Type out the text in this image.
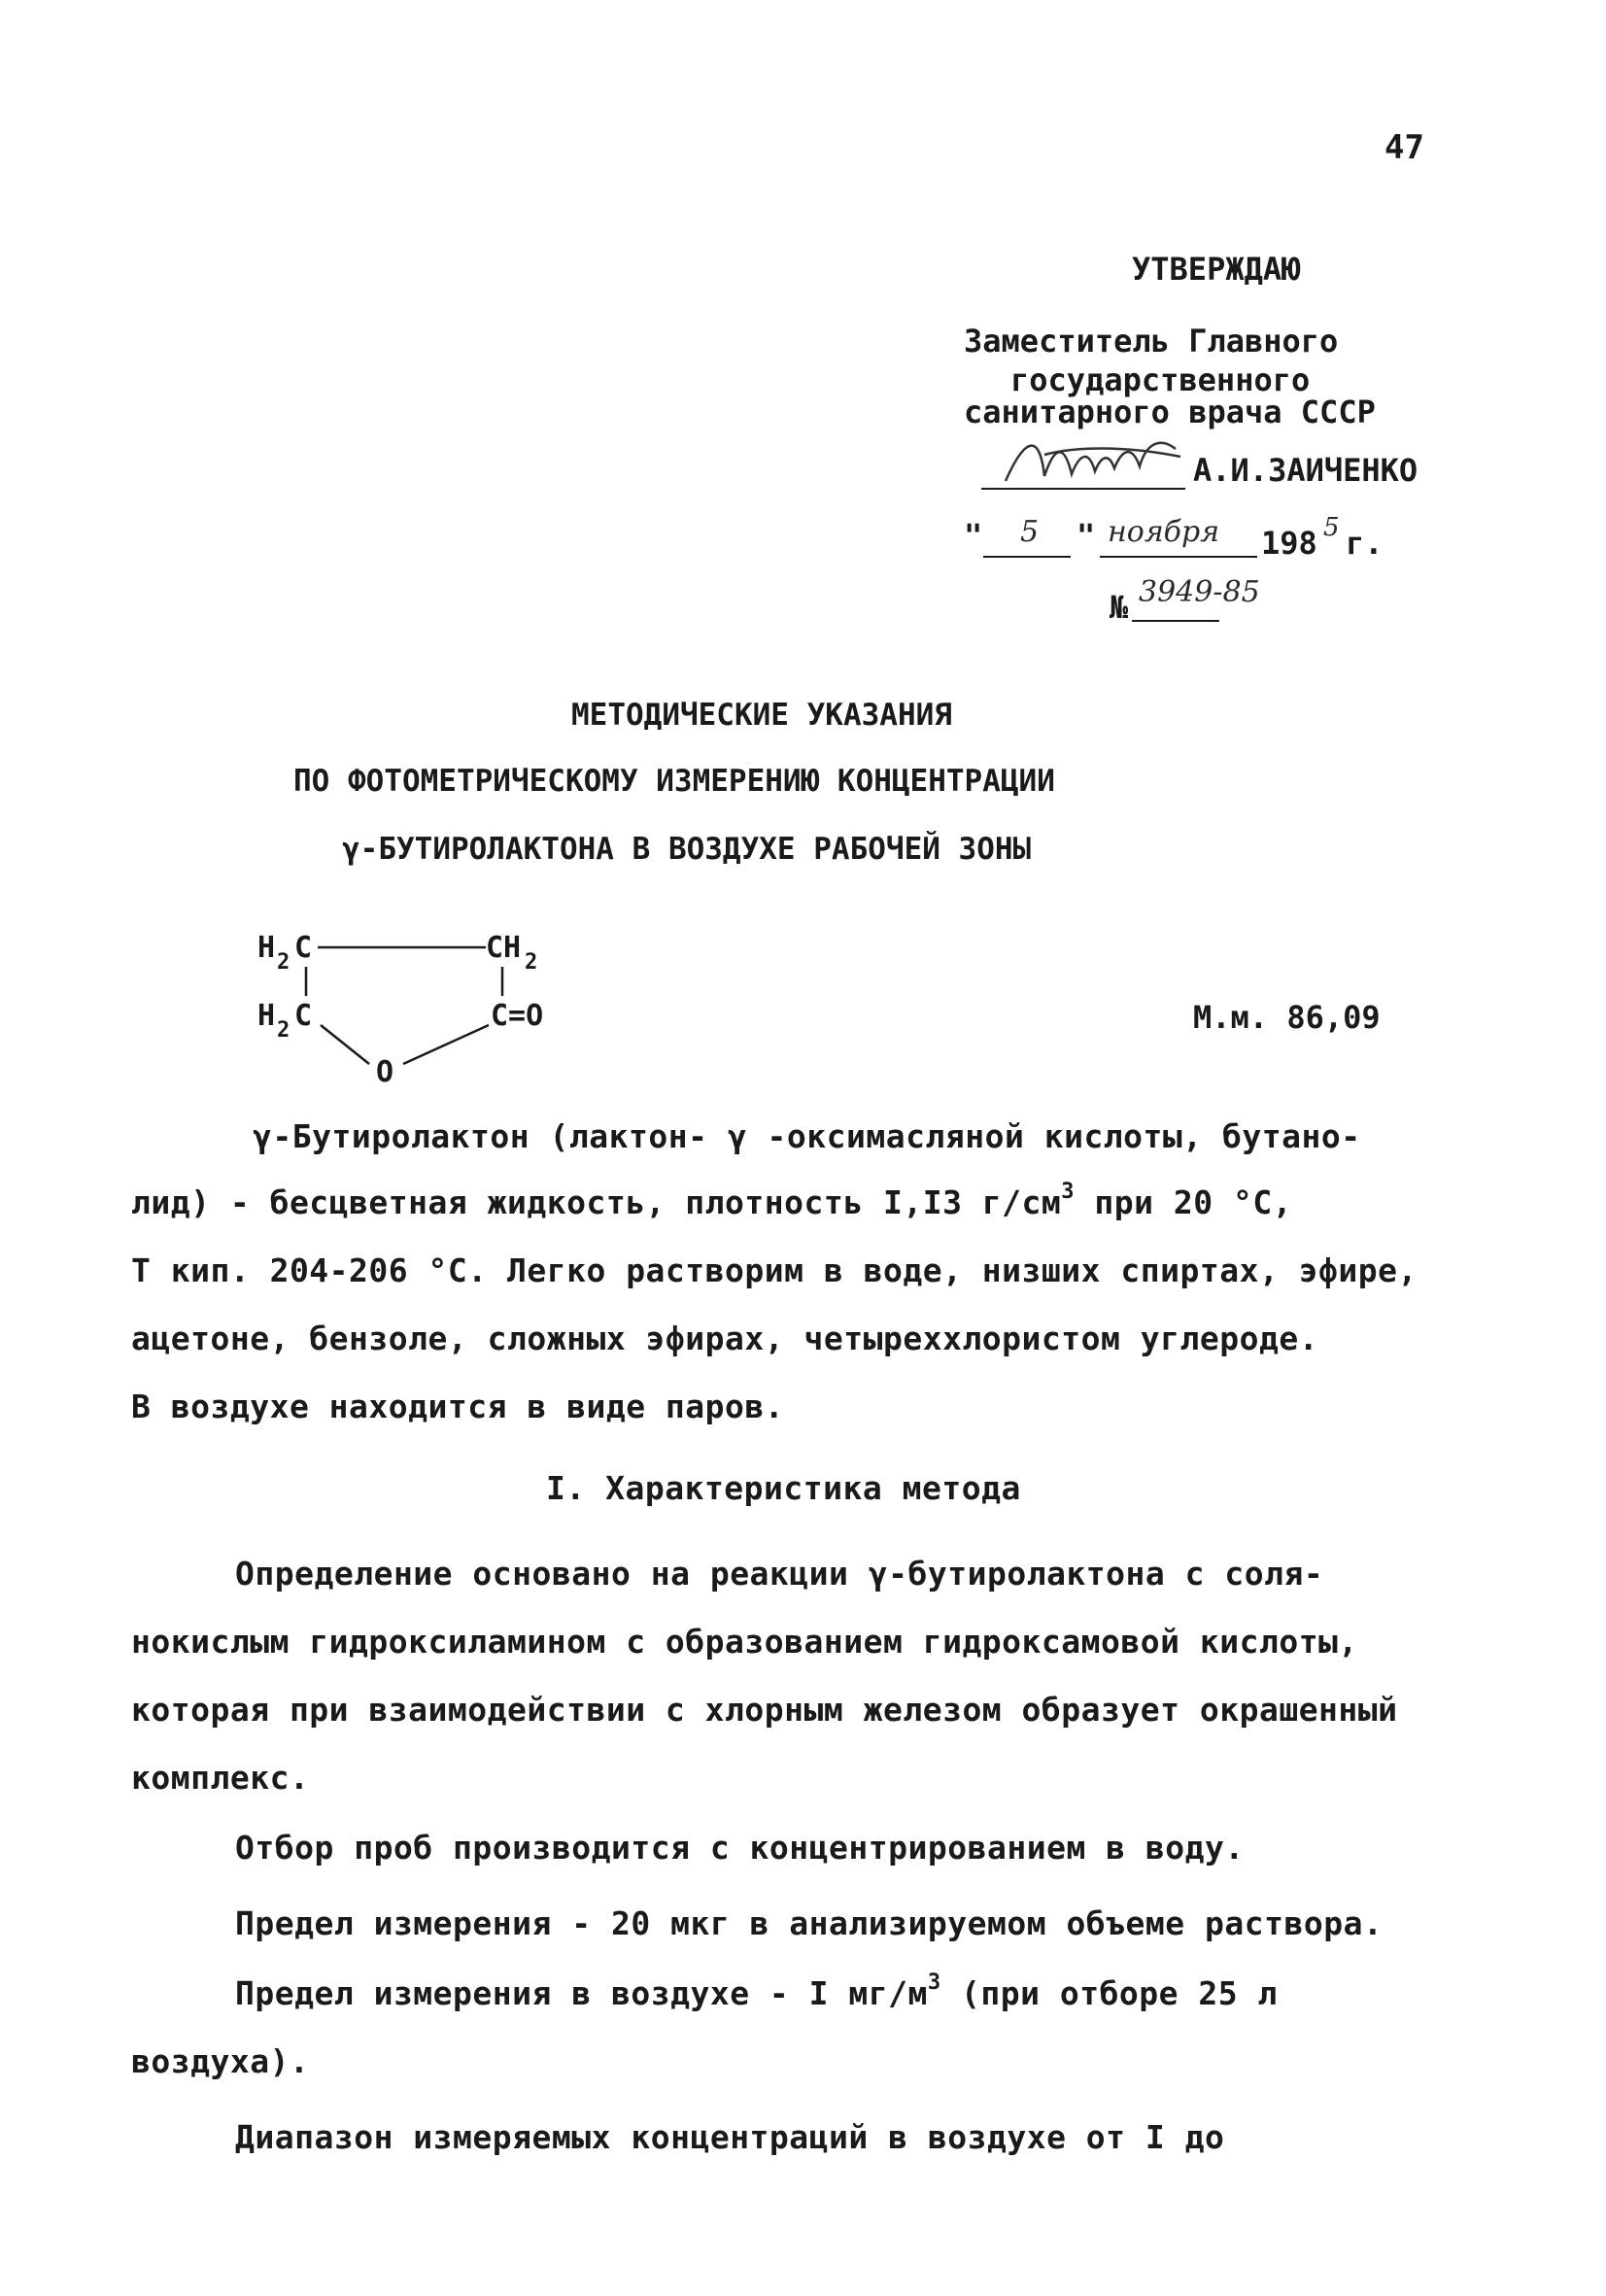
47
УТВЕРЖДАЮ
Заместитель Главного
государственного
санитарного врача СССР
А.И.ЗАИЧЕНКО
" 5 " ноября 198 5 г.
№ 3949-85
МЕТОДИЧЕСКИЕ УКАЗАНИЯ
ПО ФОТОМЕТРИЧЕСКОМУ ИЗМЕРЕНИЮ КОНЦЕНТРАЦИИ
γ-БУТИРОЛАКТОНА В ВОЗДУХЕ РАБОЧЕЙ ЗОНЫ
H 2 C	CH 2
H 2 C	C=O
O
М.м. 86,09
γ-Бутиролактон (лактон- γ -оксимасляной кислоты, бутано-
лид) - бесцветная жидкость, плотность I,I3 $г/см^3$ при 20 °С,
Т кип. 204-206 °С. Легко растворим в воде, низших спиртах, эфире,
ацетоне, бензоле, сложных эфирах, четыреххлористом углероде.
В воздухе находится в виде паров.
I. Характеристика метода
Определение основано на реакции γ-бутиролактона с соля-
нокислым гидроксиламином с образованием гидроксамовой кислоты,
которая при взаимодействии с хлорным железом образует окрашенный
комплекс.
Отбор проб производится с концентрированием в воду.
Предел измерения - 20 мкг в анализируемом объеме раствора.
Предел измерения в воздухе - I $мг/м^3$ (при отборе 25 л
воздуха).
Диапазон измеряемых концентраций в воздухе от I до
